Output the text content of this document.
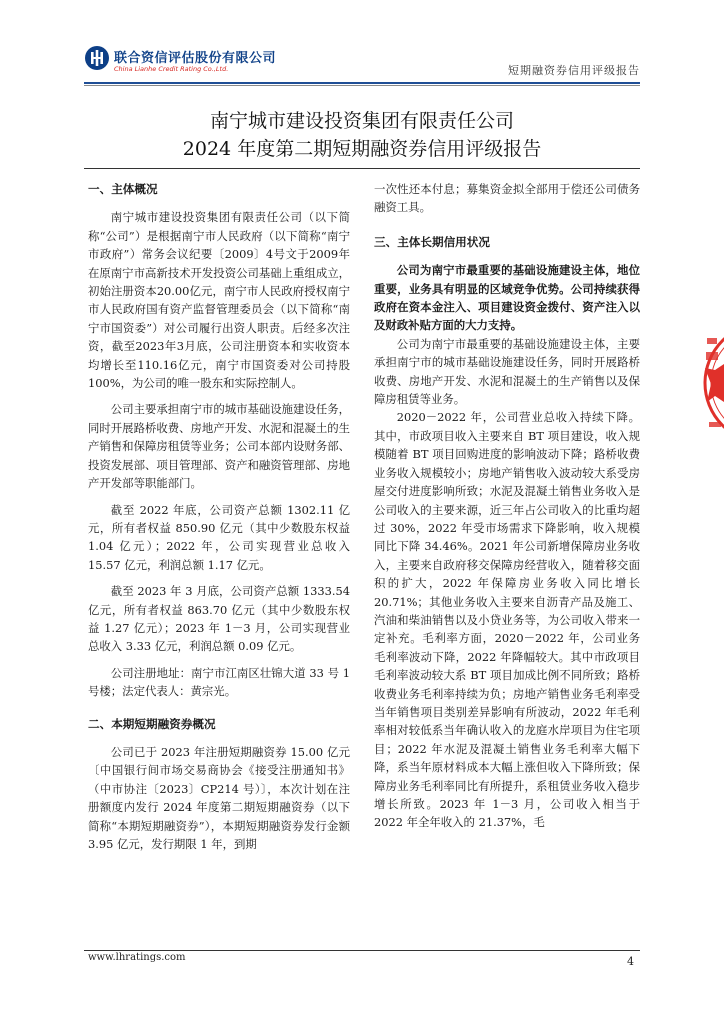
联合资信评估股份有限公司
China Lianhe Credit Rating Co.,Ltd.	短期融资券信用评级报告
南宁城市建设投资集团有限责任公司
2024 年度第二期短期融资券信用评级报告
一、主体概况

南宁城市建设投资集团有限责任公司（以下简称“公司”）是根据南宁市人民政府（以下简称“南宁市政府”）常务会议纪要〔2009〕4号文于2009年在原南宁市高新技术开发投资公司基础上重组成立，初始注册资本20.00亿元，南宁市人民政府授权南宁市人民政府国有资产监督管理委员会（以下简称“南宁市国资委”）对公司履行出资人职责。后经多次注资，截至2023年3月底，公司注册资本和实收资本均增长至110.16亿元，南宁市国资委对公司持股100%，为公司的唯一股东和实际控制人。

公司主要承担南宁市的城市基础设施建设任务，同时开展路桥收费、房地产开发、水泥和混凝土的生产销售和保障房租赁等业务；公司本部内设财务部、投资发展部、项目管理部、资产和融资管理部、房地产开发部等职能部门。

截至 2022 年底，公司资产总额 1302.11 亿元，所有者权益 850.90 亿元（其中少数股东权益 1.04 亿元）；2022 年，公司实现营业总收入 15.57 亿元，利润总额 1.17 亿元。

截至 2023 年 3 月底，公司资产总额 1333.54 亿元，所有者权益 863.70 亿元（其中少数股东权益 1.27 亿元）；2023 年 1－3 月，公司实现营业总收入 3.33 亿元，利润总额 0.09 亿元。

公司注册地址：南宁市江南区壮锦大道 33 号 1 号楼；法定代表人：黄宗光。

二、本期短期融资券概况

公司已于 2023 年注册短期融资券 15.00 亿元〔中国银行间市场交易商协会《接受注册通知书》（中市协注〔2023〕CP214 号）〕，本次计划在注册额度内发行 2024 年度第二期短期融资券（以下简称“本期短期融资券”），本期短期融资券发行金额 3.95 亿元，发行期限 1 年，到期

一次性还本付息；募集资金拟全部用于偿还公司债务融资工具。

三、主体长期信用状况

公司为南宁市最重要的基础设施建设主体，地位重要，业务具有明显的区域竞争优势。公司持续获得政府在资本金注入、项目建设资金拨付、资产注入以及财政补贴方面的大力支持。

公司为南宁市最重要的基础设施建设主体，主要承担南宁市的城市基础设施建设任务，同时开展路桥收费、房地产开发、水泥和混凝土的生产销售以及保障房租赁等业务。

2020－2022 年，公司营业总收入持续下降。其中，市政项目收入主要来自 BT 项目建设，收入规模随着 BT 项目回购进度的影响波动下降；路桥收费业务收入规模较小；房地产销售收入波动较大系受房屋交付进度影响所致；水泥及混凝土销售业务收入是公司收入的主要来源，近三年占公司收入的比重均超过 30%，2022 年受市场需求下降影响，收入规模同比下降 34.46%。2021 年公司新增保障房业务收入，主要来自政府移交保障房经营收入，随着移交面积的扩大，2022 年保障房业务收入同比增长 20.71%；其他业务收入主要来自沥青产品及施工、汽油和柴油销售以及小贷业务等，为公司收入带来一定补充。毛利率方面，2020－2022 年，公司业务毛利率波动下降，2022 年降幅较大。其中市政项目毛利率波动较大系 BT 项目加成比例不同所致；路桥收费业务毛利率持续为负；房地产销售业务毛利率受当年销售项目类别差异影响有所波动，2022 年毛利率相对较低系当年确认收入的龙庭水岸项目为住宅项目；2022 年水泥及混凝土销售业务毛利率大幅下降，系当年原材料成本大幅上涨但收入下降所致；保障房业务毛利率同比有所提升，系租赁业务收入稳步增长所致。2023 年 1－3 月，公司收入相当于 2022 年全年收入的 21.37%，毛

www.lhratings.com	4
